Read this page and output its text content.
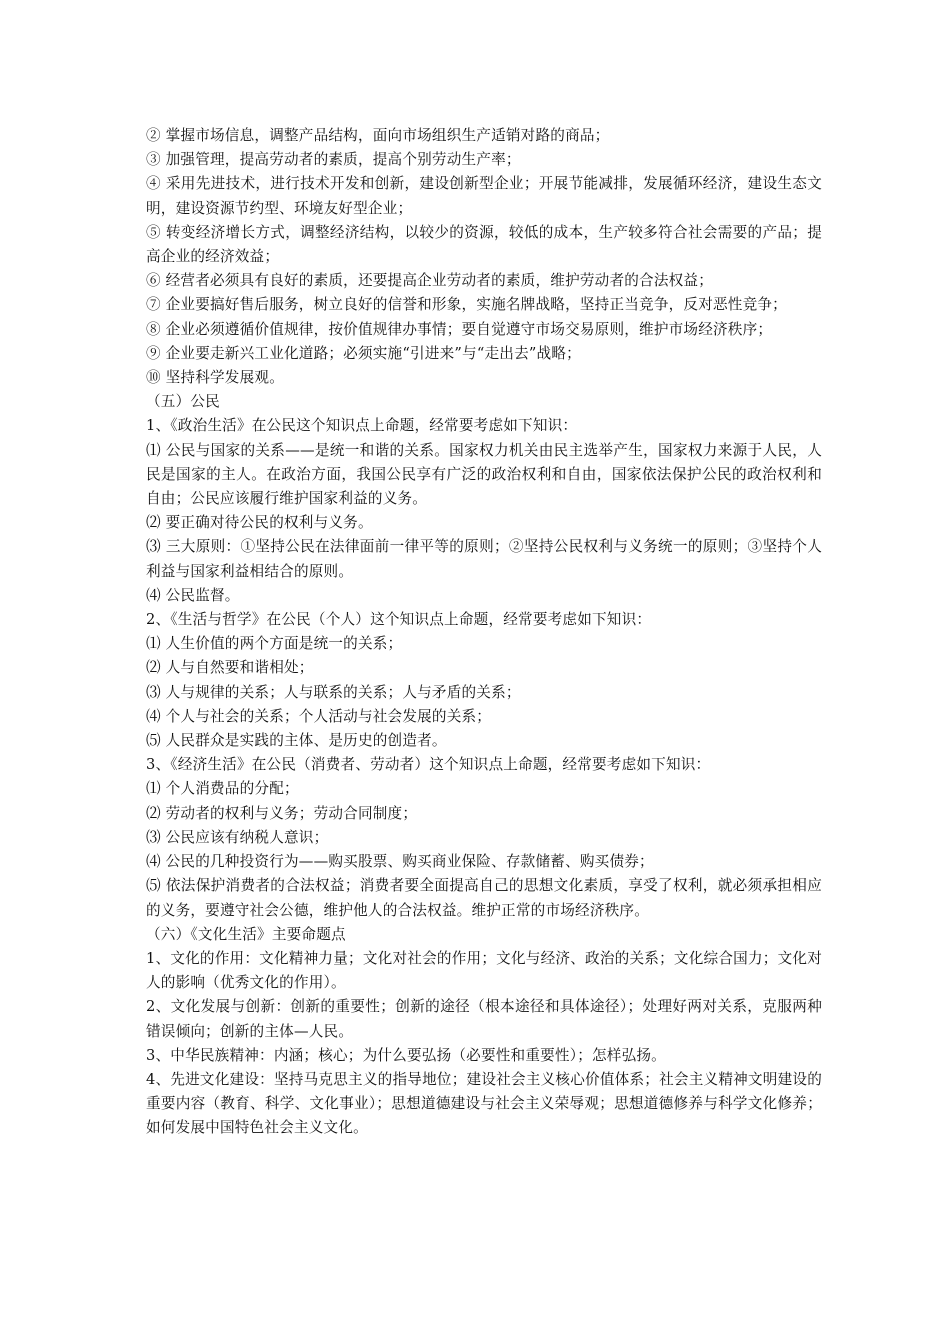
② 掌握市场信息，调整产品结构，面向市场组织生产适销对路的商品；

③ 加强管理，提高劳动者的素质，提高个别劳动生产率；

④ 采用先进技术，进行技术开发和创新，建设创新型企业；开展节能减排，发展循环经济，建设生态文明，建设资源节约型、环境友好型企业；

⑤ 转变经济增长方式，调整经济结构，以较少的资源，较低的成本，生产较多符合社会需要的产品；提高企业的经济效益；

⑥ 经营者必须具有良好的素质，还要提高企业劳动者的素质，维护劳动者的合法权益；

⑦ 企业要搞好售后服务，树立良好的信誉和形象，实施名牌战略，坚持正当竞争，反对恶性竞争；

⑧ 企业必须遵循价值规律，按价值规律办事情；要自觉遵守市场交易原则，维护市场经济秩序；

⑨ 企业要走新兴工业化道路；必须实施“引进来”与“走出去”战略；

⑩ 坚持科学发展观。

（五）公民

1、《政治生活》在公民这个知识点上命题，经常要考虑如下知识：

⑴ 公民与国家的关系——是统一和谐的关系。国家权力机关由民主选举产生，国家权力来源于人民，人民是国家的主人。在政治方面，我国公民享有广泛的政治权利和自由，国家依法保护公民的政治权利和自由；公民应该履行维护国家利益的义务。

⑵ 要正确对待公民的权利与义务。

⑶ 三大原则：①坚持公民在法律面前一律平等的原则；②坚持公民权利与义务统一的原则；③坚持个人利益与国家利益相结合的原则。

⑷ 公民监督。

2、《生活与哲学》在公民（个人）这个知识点上命题，经常要考虑如下知识：

⑴ 人生价值的两个方面是统一的关系；

⑵ 人与自然要和谐相处；

⑶ 人与规律的关系；人与联系的关系；人与矛盾的关系；

⑷ 个人与社会的关系；个人活动与社会发展的关系；

⑸ 人民群众是实践的主体、是历史的创造者。

3、《经济生活》在公民（消费者、劳动者）这个知识点上命题，经常要考虑如下知识：

⑴ 个人消费品的分配；

⑵ 劳动者的权利与义务；劳动合同制度；

⑶ 公民应该有纳税人意识；

⑷ 公民的几种投资行为——购买股票、购买商业保险、存款储蓄、购买债券；

⑸ 依法保护消费者的合法权益；消费者要全面提高自己的思想文化素质，享受了权利，就必须承担相应的义务，要遵守社会公德，维护他人的合法权益。维护正常的市场经济秩序。

（六）《文化生活》主要命题点

1、文化的作用：文化精神力量；文化对社会的作用；文化与经济、政治的关系；文化综合国力；文化对人的影响（优秀文化的作用）。

2、文化发展与创新：创新的重要性；创新的途径（根本途径和具体途径）；处理好两对关系，克服两种错误倾向；创新的主体—人民。

3、中华民族精神：内涵；核心；为什么要弘扬（必要性和重要性）；怎样弘扬。

4、先进文化建设：坚持马克思主义的指导地位；建设社会主义核心价值体系；社会主义精神文明建设的重要内容（教育、科学、文化事业）；思想道德建设与社会主义荣辱观；思想道德修养与科学文化修养；如何发展中国特色社会主义文化。
